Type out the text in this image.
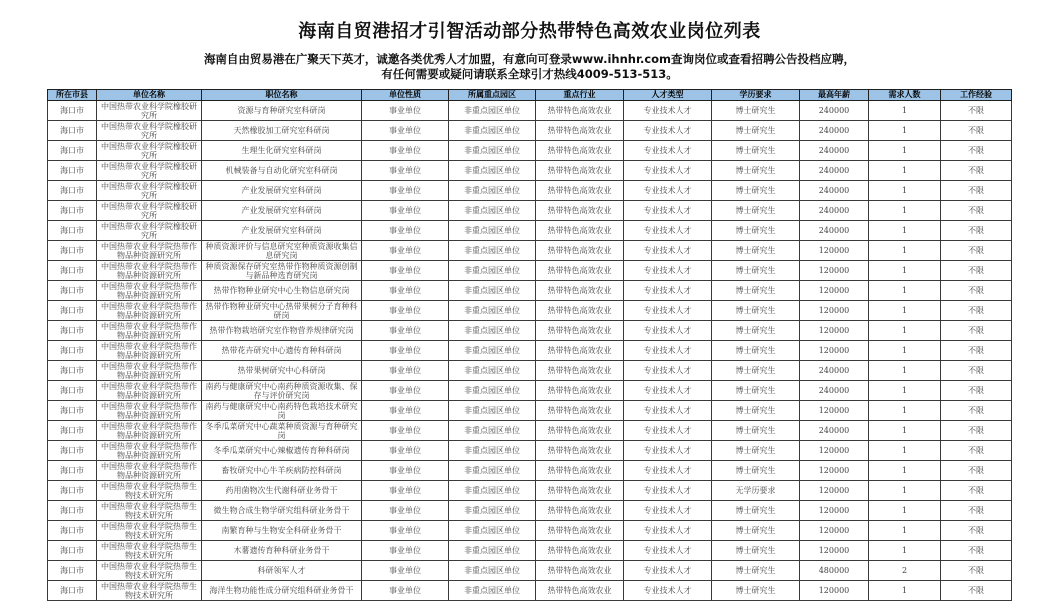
海南自贸港招才引智活动部分热带特色高效农业岗位列表
海南自由贸易港在广聚天下英才，诚邀各类优秀人才加盟，有意向可登录www.ihnhr.com查询岗位或查看招聘公告投档应聘，
有任何需要或疑问请联系全球引才热线4009-513-513。
所在市县	单位名称	职位名称	单位性质	所属重点园区	重点行业	人才类型	学历要求	最高年薪	需求人数	工作经验

海口市	中国热带农业科学院橡胶研究所	资源与育种研究室科研岗	事业单位	非重点园区单位	热带特色高效农业	专业技术人才	博士研究生	240000	1	不限

海口市	中国热带农业科学院橡胶研究所	天然橡胶加工研究室科研岗	事业单位	非重点园区单位	热带特色高效农业	专业技术人才	博士研究生	240000	1	不限

海口市	中国热带农业科学院橡胶研究所	生理生化研究室科研岗	事业单位	非重点园区单位	热带特色高效农业	专业技术人才	博士研究生	240000	1	不限

海口市	中国热带农业科学院橡胶研究所	机械装备与自动化研究室科研岗	事业单位	非重点园区单位	热带特色高效农业	专业技术人才	博士研究生	240000	1	不限

海口市	中国热带农业科学院橡胶研究所	产业发展研究室科研岗	事业单位	非重点园区单位	热带特色高效农业	专业技术人才	博士研究生	240000	1	不限

海口市	中国热带农业科学院橡胶研究所	产业发展研究室科研岗	事业单位	非重点园区单位	热带特色高效农业	专业技术人才	博士研究生	240000	1	不限

海口市	中国热带农业科学院橡胶研究所	产业发展研究室科研岗	事业单位	非重点园区单位	热带特色高效农业	专业技术人才	博士研究生	240000	1	不限

海口市	中国热带农业科学院热带作物品种资源研究所	种质资源评价与信息研究室种质资源收集信息研究岗	事业单位	非重点园区单位	热带特色高效农业	专业技术人才	博士研究生	120000	1	不限

海口市	中国热带农业科学院热带作物品种资源研究所	种质资源保存研究室热带作物种质资源创制与新品种选育研究岗	事业单位	非重点园区单位	热带特色高效农业	专业技术人才	博士研究生	120000	1	不限

海口市	中国热带农业科学院热带作物品种资源研究所	热带作物种业研究中心生物信息研究岗	事业单位	非重点园区单位	热带特色高效农业	专业技术人才	博士研究生	120000	1	不限

海口市	中国热带农业科学院热带作物品种资源研究所	热带作物种业研究中心热带果树分子育种科研岗	事业单位	非重点园区单位	热带特色高效农业	专业技术人才	博士研究生	120000	1	不限

海口市	中国热带农业科学院热带作物品种资源研究所	热带作物栽培研究室作物营养规律研究岗	事业单位	非重点园区单位	热带特色高效农业	专业技术人才	博士研究生	120000	1	不限

海口市	中国热带农业科学院热带作物品种资源研究所	热带花卉研究中心遗传育种科研岗	事业单位	非重点园区单位	热带特色高效农业	专业技术人才	博士研究生	120000	1	不限

海口市	中国热带农业科学院热带作物品种资源研究所	热带果树研究中心科研岗	事业单位	非重点园区单位	热带特色高效农业	专业技术人才	博士研究生	240000	1	不限

海口市	中国热带农业科学院热带作物品种资源研究所	南药与健康研究中心南药种质资源收集、保存与评价研究岗	事业单位	非重点园区单位	热带特色高效农业	专业技术人才	博士研究生	240000	1	不限

海口市	中国热带农业科学院热带作物品种资源研究所	南药与健康研究中心南药特色栽培技术研究岗	事业单位	非重点园区单位	热带特色高效农业	专业技术人才	博士研究生	120000	1	不限

海口市	中国热带农业科学院热带作物品种资源研究所	冬季瓜菜研究中心蔬菜种质资源与育种研究岗	事业单位	非重点园区单位	热带特色高效农业	专业技术人才	博士研究生	240000	1	不限

海口市	中国热带农业科学院热带作物品种资源研究所	冬季瓜菜研究中心辣椒遗传育种科研岗	事业单位	非重点园区单位	热带特色高效农业	专业技术人才	博士研究生	120000	1	不限

海口市	中国热带农业科学院热带作物品种资源研究所	畜牧研究中心牛羊疾病防控科研岗	事业单位	非重点园区单位	热带特色高效农业	专业技术人才	博士研究生	120000	1	不限

海口市	中国热带农业科学院热带生物技术研究所	药用菌物次生代谢科研业务骨干	事业单位	非重点园区单位	热带特色高效农业	专业技术人才	无学历要求	120000	1	不限

海口市	中国热带农业科学院热带生物技术研究所	微生物合成生物学研究组科研业务骨干	事业单位	非重点园区单位	热带特色高效农业	专业技术人才	博士研究生	120000	1	不限

海口市	中国热带农业科学院热带生物技术研究所	南繁育种与生物安全科研业务骨干	事业单位	非重点园区单位	热带特色高效农业	专业技术人才	博士研究生	120000	1	不限

海口市	中国热带农业科学院热带生物技术研究所	木薯遗传育种科研业务骨干	事业单位	非重点园区单位	热带特色高效农业	专业技术人才	博士研究生	120000	1	不限

海口市	中国热带农业科学院热带生物技术研究所	科研领军人才	事业单位	非重点园区单位	热带特色高效农业	专业技术人才	博士研究生	480000	2	不限

海口市	中国热带农业科学院热带生物技术研究所	海洋生物功能性成分研究组科研业务骨干	事业单位	非重点园区单位	热带特色高效农业	专业技术人才	博士研究生	120000	1	不限
